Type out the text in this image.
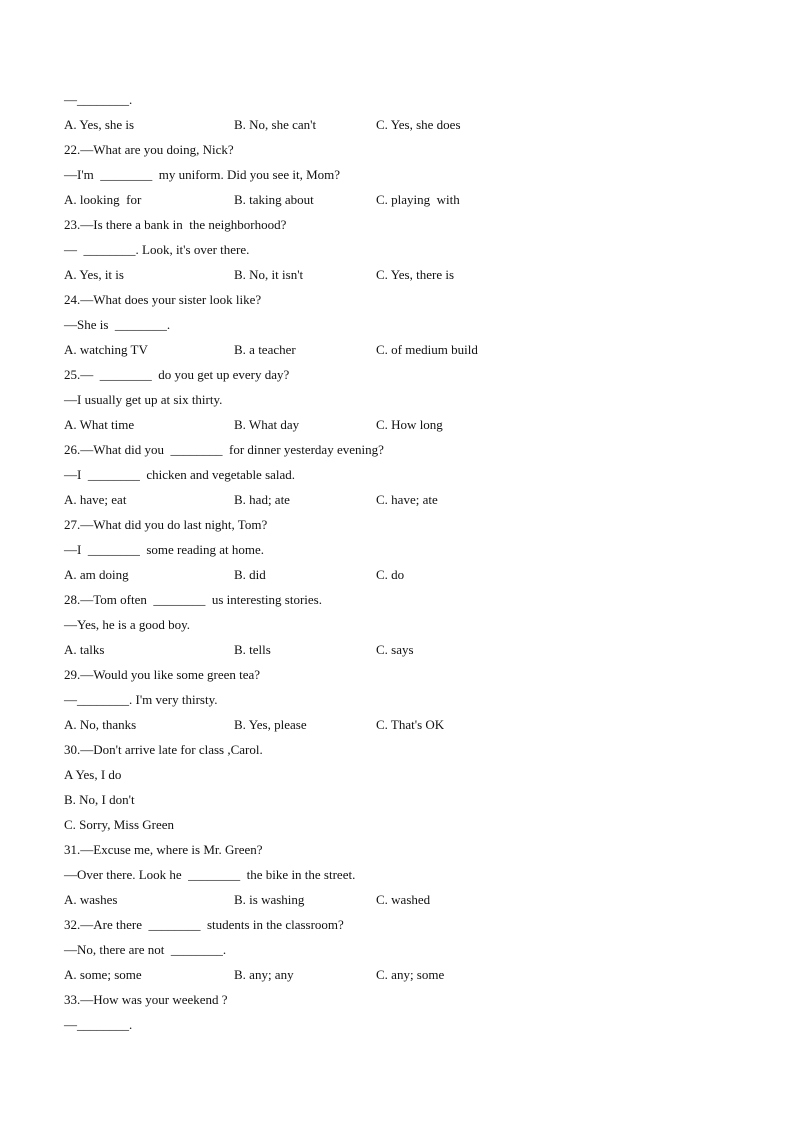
—________.
A. Yes, she is	B. No, she can't	C. Yes, she does
22.—What are you doing, Nick?
—I'm  ________  my uniform. Did you see it, Mom?
A. looking  for	B. taking about	C. playing  with
23.—Is there a bank in  the neighborhood?
—  ________. Look, it's over there.
A. Yes, it is	B. No, it isn't	C. Yes, there is
24.—What does your sister look like?
—She is  ________.
A. watching TV	B. a teacher	C. of medium build
25.—  ________  do you get up every day?
—I usually get up at six thirty.
A. What time	B. What day	C. How long
26.—What did you  ________  for dinner yesterday evening?
—I  ________  chicken and vegetable salad.
A. have; eat	B. had; ate	C. have; ate
27.—What did you do last night, Tom?
—I  ________  some reading at home.
A. am doing	B. did	C. do
28.—Tom often  ________  us interesting stories.
—Yes, he is a good boy.
A. talks	B. tells	C. says
29.—Would you like some green tea?
—________. I'm very thirsty.
A. No, thanks	B. Yes, please	C. That's OK
30.—Don't arrive late for class ,Carol.
A Yes, I do
B. No, I don't
C. Sorry, Miss Green
31.—Excuse me, where is Mr. Green?
—Over there. Look he  ________  the bike in the street.
A. washes	B. is washing	C. washed
32.—Are there  ________  students in the classroom?
—No, there are not  ________.
A. some; some	B. any; any	C. any; some
33.—How was your weekend ?
—________.
